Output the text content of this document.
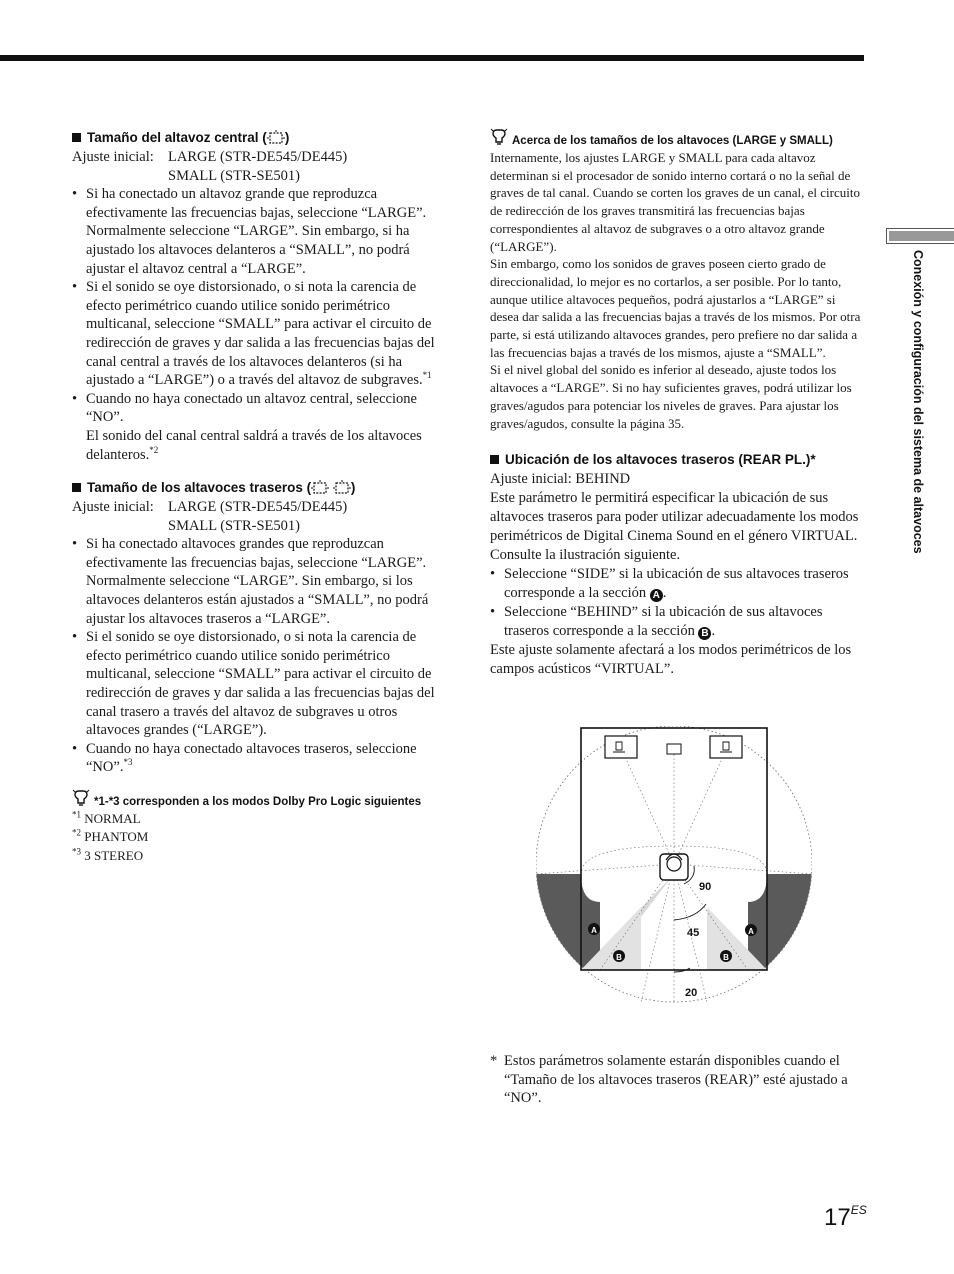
Tamaño del altavoz central ( )
Ajuste inicial: LARGE (STR-DE545/DE445)
SMALL (STR-SE501)
• Si ha conectado un altavoz grande que reproduzca efectivamente las frecuencias bajas, seleccione “LARGE”. Normalmente seleccione “LARGE”. Sin embargo, si ha ajustado los altavoces delanteros a “SMALL”, no podrá ajustar el altavoz central a “LARGE”.
• Si el sonido se oye distorsionado, o si nota la carencia de efecto perimétrico cuando utilice sonido perimétrico multicanal, seleccione “SMALL” para activar el circuito de redirección de graves y dar salida a las frecuencias bajas del canal central a través de los altavoces delanteros (si ha ajustado a “LARGE”) o a través del altavoz de subgraves.$^{*1}$
• Cuando no haya conectado un altavoz central, seleccione “NO”.
El sonido del canal central saldrá a través de los altavoces delanteros.$^{*2}$
Tamaño de los altavoces traseros (	)
Ajuste inicial: LARGE (STR-DE545/DE445)
SMALL (STR-SE501)
• Si ha conectado altavoces grandes que reproduzcan efectivamente las frecuencias bajas, seleccione “LARGE”. Normalmente seleccione “LARGE”. Sin embargo, si los altavoces delanteros están ajustados a “SMALL”, no podrá ajustar los altavoces traseros a “LARGE”.
• Si el sonido se oye distorsionado, o si nota la carencia de efecto perimétrico cuando utilice sonido perimétrico multicanal, seleccione “SMALL” para activar el circuito de redirección de graves y dar salida a las frecuencias bajas del canal trasero a través del altavoz de subgraves u otros altavoces grandes (“LARGE”).
• Cuando no haya conectado altavoces traseros, seleccione “NO”.$^{*3}$
*1-*3 corresponden a los modos Dolby Pro Logic siguientes
$^{*1}$ NORMAL
$^{*2}$ PHANTOM
$^{*3}$ 3 STEREO
Acerca de los tamaños de los altavoces (LARGE y SMALL)
Internamente, los ajustes LARGE y SMALL para cada altavoz determinan si el procesador de sonido interno cortará o no la señal de graves de tal canal. Cuando se corten los graves de un canal, el circuito de redirección de los graves transmitirá las frecuencias bajas correspondientes al altavoz de subgraves o a otro altavoz grande (“LARGE”).
Sin embargo, como los sonidos de graves poseen cierto grado de direccionalidad, lo mejor es no cortarlos, a ser posible. Por lo tanto, aunque utilice altavoces pequeños, podrá ajustarlos a “LARGE” si desea dar salida a las frecuencias bajas a través de los mismos. Por otra parte, si está utilizando altavoces grandes, pero prefiere no dar salida a las frecuencias bajas a través de los mismos, ajuste a “SMALL”.
Si el nivel global del sonido es inferior al deseado, ajuste todos los altavoces a “LARGE”. Si no hay suficientes graves, podrá utilizar los graves/agudos para potenciar los niveles de graves. Para ajustar los graves/agudos, consulte la página 35.
Ubicación de los altavoces traseros (REAR PL.)*
Ajuste inicial: BEHIND
Este parámetro le permitirá especificar la ubicación de sus altavoces traseros para poder utilizar adecuadamente los modos perimétricos de Digital Cinema Sound en el género VIRTUAL. Consulte la ilustración siguiente.
• Seleccione “SIDE” si la ubicación de sus altavoces traseros corresponde a la sección A .
• Seleccione “BEHIND” si la ubicación de sus altavoces traseros corresponde a la sección B .
Este ajuste solamente afectará a los modos perimétricos de los campos acústicos “VIRTUAL”.
90
45
20
A	A
B	B
* Estos parámetros solamente estarán disponibles cuando el “Tamaño de los altavoces traseros (REAR)” esté ajustado a “NO”.
Conexión y configuración del sistema de altavoces
$17^{ES}$
